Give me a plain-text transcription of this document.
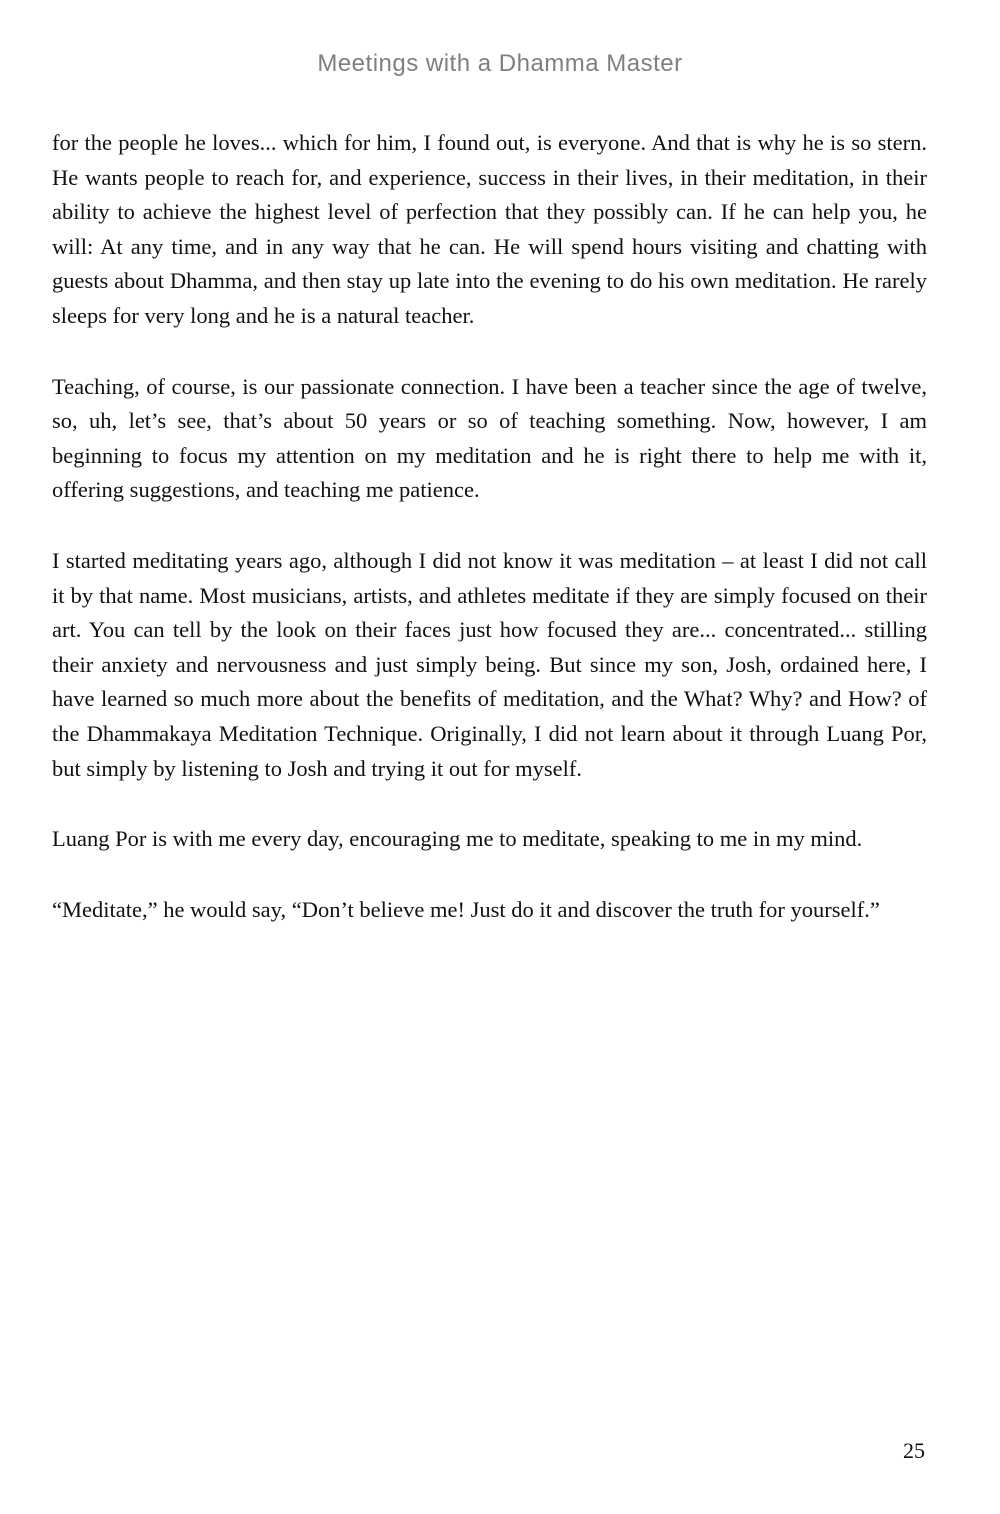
Meetings with a Dhamma Master

for the people he loves... which for him, I found out, is everyone. And that is why he is so stern. He wants people to reach for, and experience, success in their lives, in their meditation, in their ability to achieve the highest level of perfection that they possibly can. If he can help you, he will: At any time, and in any way that he can. He will spend hours visiting and chatting with guests about Dhamma, and then stay up late into the evening to do his own meditation. He rarely sleeps for very long and he is a natural teacher.

Teaching, of course, is our passionate connection. I have been a teacher since the age of twelve, so, uh, let’s see, that’s about 50 years or so of teaching something. Now, however, I am beginning to focus my attention on my meditation and he is right there to help me with it, offering suggestions, and teaching me patience.

I started meditating years ago, although I did not know it was meditation – at least I did not call it by that name. Most musicians, artists, and athletes meditate if they are simply focused on their art. You can tell by the look on their faces just how focused they are... concentrated... stilling their anxiety and nervousness and just simply being. But since my son, Josh, ordained here, I have learned so much more about the benefits of meditation, and the What? Why? and How? of the Dhammakaya Meditation Technique. Originally, I did not learn about it through Luang Por, but simply by listening to Josh and trying it out for myself.

Luang Por is with me every day, encouraging me to meditate, speaking to me in my mind.

“Meditate,” he would say, “Don’t believe me! Just do it and discover the truth for yourself.”

25
